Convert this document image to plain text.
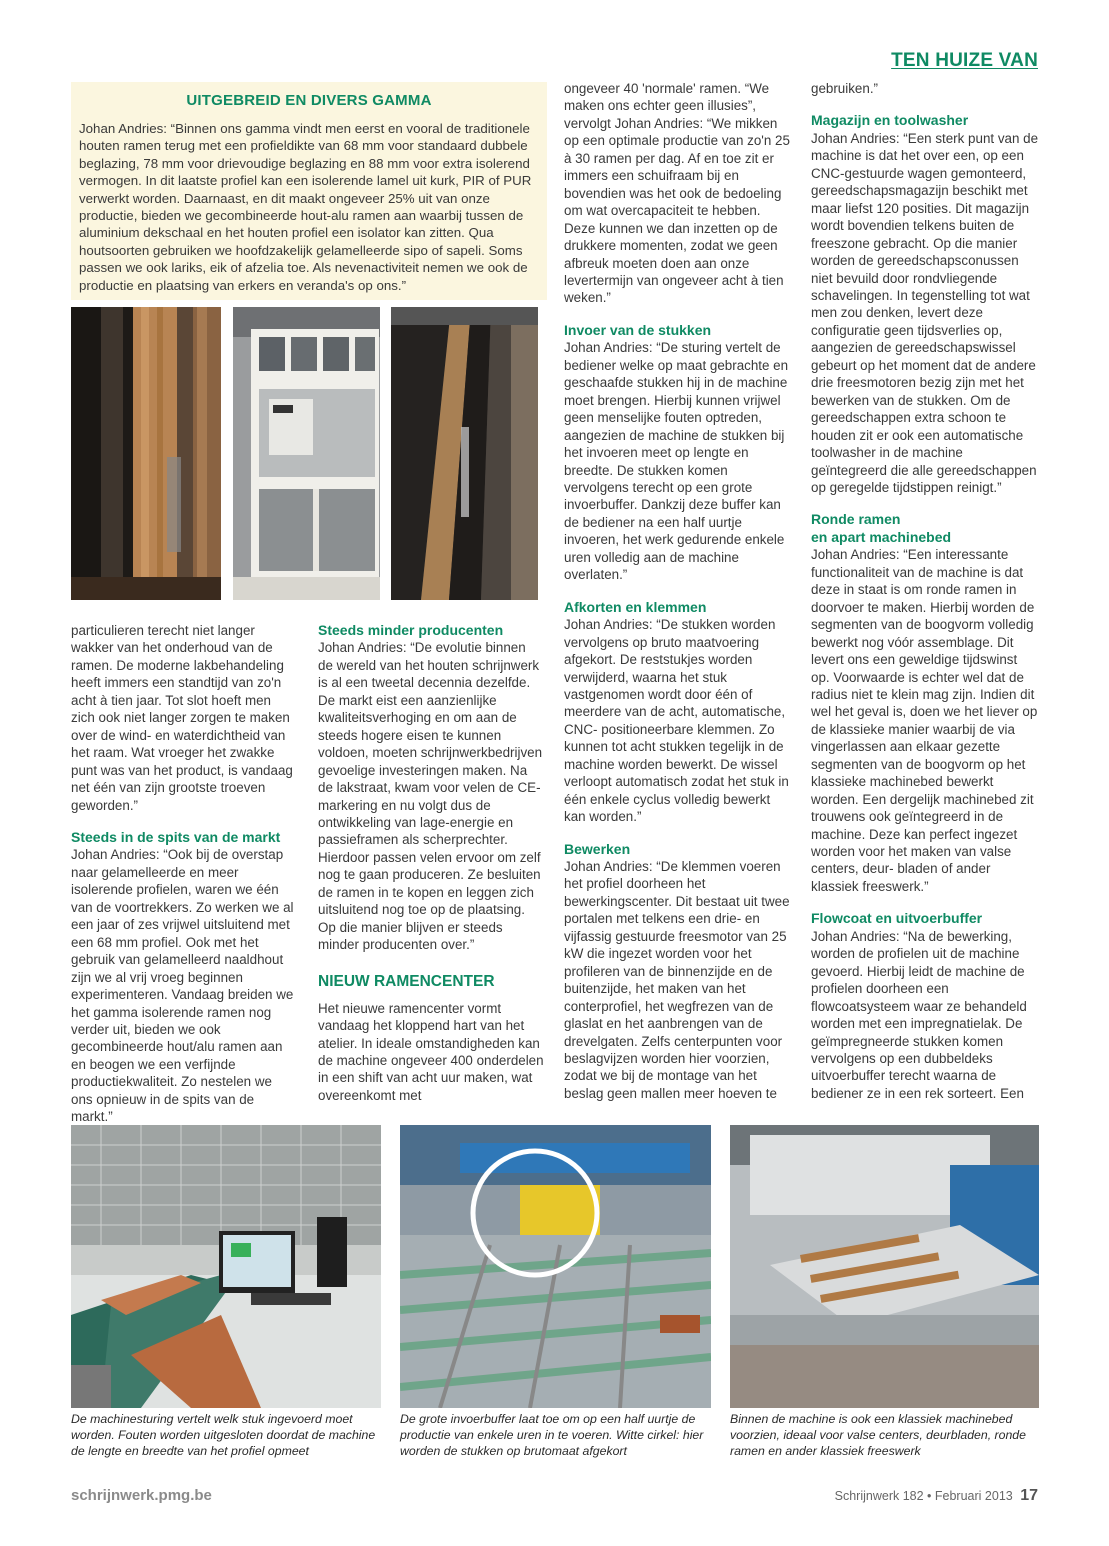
TEN HUIZE VAN
UITGEBREID EN DIVERS GAMMA
Johan Andries: “Binnen ons gamma vindt men eerst en vooral de traditionele houten ramen terug met een profieldikte van 68 mm voor standaard dubbele beglazing, 78 mm voor drievoudige beglazing en 88 mm voor extra isolerend vermogen. In dit laatste profiel kan een isolerende lamel uit kurk, PIR of PUR verwerkt worden. Daarnaast, en dit maakt ongeveer 25% uit van onze productie, bieden we gecombineerde hout-alu ramen aan waarbij tussen de aluminium dekschaal en het houten profiel een isolator kan zitten. Qua houtsoorten gebruiken we hoofdzakelijk gelamelleerde sipo of sapeli. Soms passen we ook lariks, eik of afzelia toe. Als nevenactiviteit nemen we ook de productie en plaatsing van erkers en veranda's op ons.”

particulieren terecht niet langer wakker van het onderhoud van de ramen. De moderne lakbehandeling heeft immers een standtijd van zo'n acht à tien jaar. Tot slot hoeft men zich ook niet langer zorgen te maken over de wind- en waterdichtheid van het raam. Wat vroeger het zwakke punt was van het product, is vandaag net één van zijn grootste troeven geworden.”

Steeds in de spits van de markt

Johan Andries: “Ook bij de overstap naar gelamelleerde en meer isolerende profielen, waren we één van de voortrekkers. Zo werken we al een jaar of zes vrijwel uitsluitend met een 68 mm profiel. Ook met het gebruik van gelamelleerd naaldhout zijn we al vrij vroeg beginnen experimenteren. Vandaag breiden we het gamma isolerende ramen nog verder uit, bieden we ook gecombineerde hout/alu ramen aan en beogen we een verfijnde productiekwaliteit. Zo nestelen we ons opnieuw in de spits van de markt.”

Steeds minder producenten

Johan Andries: “De evolutie binnen de wereld van het houten schrijnwerk is al een tweetal decennia dezelfde. De markt eist een aanzienlijke kwaliteitsverhoging en om aan de steeds hogere eisen te kunnen voldoen, moeten schrijnwerkbedrijven gevoelige investeringen maken. Na de lakstraat, kwam voor velen de CE-markering en nu volgt dus de ontwikkeling van lage-energie en passieframen als scherprechter. Hierdoor passen velen ervoor om zelf nog te gaan produceren. Ze besluiten de ramen in te kopen en leggen zich uitsluitend nog toe op de plaatsing. Op die manier blijven er steeds minder producenten over.”

NIEUW RAMENCENTER

Het nieuwe ramencenter vormt vandaag het kloppend hart van het atelier. In ideale omstandigheden kan de machine ongeveer 400 onderdelen in een shift van acht uur maken, wat overeenkomt met

ongeveer 40 'normale' ramen. “We maken ons echter geen illusies”, vervolgt Johan Andries: “We mikken op een optimale productie van zo'n 25 à 30 ramen per dag. Af en toe zit er immers een schuifraam bij en bovendien was het ook de bedoeling om wat overcapaciteit te hebben. Deze kunnen we dan inzetten op de drukkere momenten, zodat we geen afbreuk moeten doen aan onze levertermijn van ongeveer acht à tien weken.”

Invoer van de stukken

Johan Andries: “De sturing vertelt de bediener welke op maat gebrachte en geschaafde stukken hij in de machine moet brengen. Hierbij kunnen vrijwel geen menselijke fouten optreden, aangezien de machine de stukken bij het invoeren meet op lengte en breedte. De stukken komen vervolgens terecht op een grote invoerbuffer. Dankzij deze buffer kan de bediener na een half uurtje invoeren, het werk gedurende enkele uren volledig aan de machine overlaten.”

Afkorten en klemmen

Johan Andries: “De stukken worden vervolgens op bruto maatvoering afgekort. De reststukjes worden verwijderd, waarna het stuk vastgenomen wordt door één of meerdere van de acht, automatische, CNC- positioneerbare klemmen. Zo kunnen tot acht stukken tegelijk in de machine worden bewerkt. De wissel verloopt automatisch zodat het stuk in één enkele cyclus volledig bewerkt kan worden.”

Bewerken

Johan Andries: “De klemmen voeren het profiel doorheen het bewerkingscenter. Dit bestaat uit twee portalen met telkens een drie- en vijfassig gestuurde freesmotor van 25 kW die ingezet worden voor het profileren van de binnenzijde en de buitenzijde, het maken van het conterprofiel, het wegfrezen van de glaslat en het aanbrengen van de drevelgaten. Zelfs centerpunten voor beslagvijzen worden hier voorzien, zodat we bij de montage van het beslag geen mallen meer hoeven te

gebruiken.”

Magazijn en toolwasher

Johan Andries: “Een sterk punt van de machine is dat het over een, op een CNC-gestuurde wagen gemonteerd, gereedschapsmagazijn beschikt met maar liefst 120 posities. Dit magazijn wordt bovendien telkens buiten de freeszone gebracht. Op die manier worden de gereedschapsconussen niet bevuild door rondvliegende schavelingen. In tegenstelling tot wat men zou denken, levert deze configuratie geen tijdsverlies op, aangezien de gereedschapswissel gebeurt op het moment dat de andere drie freesmotoren bezig zijn met het bewerken van de stukken. Om de gereedschappen extra schoon te houden zit er ook een automatische toolwasher in de machine geïntegreerd die alle gereedschappen op geregelde tijdstippen reinigt.”

Ronde ramen
en apart machinebed

Johan Andries: “Een interessante functionaliteit van de machine is dat deze in staat is om ronde ramen in doorvoer te maken. Hierbij worden de segmenten van de boogvorm volledig bewerkt nog vóór assemblage. Dit levert ons een geweldige tijdswinst op. Voorwaarde is echter wel dat de radius niet te klein mag zijn. Indien dit wel het geval is, doen we het liever op de klassieke manier waarbij de via vingerlassen aan elkaar gezette segmenten van de boogvorm op het klassieke machinebed bewerkt worden. Een dergelijk machinebed zit trouwens ook geïntegreerd in de machine. Deze kan perfect ingezet worden voor het maken van valse centers, deur- bladen of ander klassiek freeswerk.”

Flowcoat en uitvoerbuffer

Johan Andries: “Na de bewerking, worden de profielen uit de machine gevoerd. Hierbij leidt de machine de profielen doorheen een flowcoatsysteem waar ze behandeld worden met een impregnatielak. De geïmpregneerde stukken komen vervolgens op een dubbeldeks uitvoerbuffer terecht waarna de bediener ze in een rek sorteert. Een

De machinesturing vertelt welk stuk ingevoerd moet worden. Fouten worden uitgesloten doordat de machine de lengte en breedte van het profiel opmeet
De grote invoerbuffer laat toe om op een half uurtje de productie van enkele uren in te voeren. Witte cirkel: hier worden de stukken op brutomaat afgekort
Binnen de machine is ook een klassiek machinebed voorzien, ideaal voor valse centers, deurbladen, ronde ramen en ander klassiek freeswerk
schrijnwerk.pmg.be	Schrijnwerk 182 • Februari 2013 17
